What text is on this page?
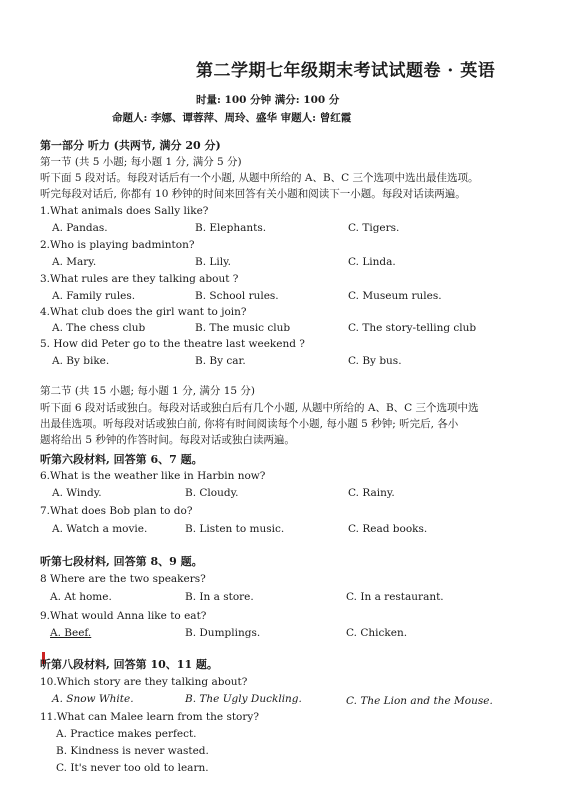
第二学期七年级期末考试试题卷 · 英语
时量: 100 分钟 满分: 100 分
命题人: 李娜、谭蓉萍、周玲、盛华 审题人: 曾红霞
第一部分 听力 (共两节, 满分 20 分)
第一节 (共 5 小题; 每小题 1 分, 满分 5 分)
听下面 5 段对话。每段对话后有一个小题, 从题中所给的 A、B、C 三个选项中选出最佳选项。
听完每段对话后, 你都有 10 秒钟的时间来回答有关小题和阅读下一小题。每段对话读两遍。
1.What animals does Sally like?
A. Pandas.	B. Elephants.	C. Tigers.
2.Who is playing badminton?
A. Mary.	B. Lily.	C. Linda.
3.What rules are they talking about ?
A. Family rules.	B. School rules.	C. Museum rules.
4.What club does the girl want to join?
A. The chess club	B. The music club	C. The story-telling club
5. How did Peter go to the theatre last weekend ?
A. By bike.	B. By car.	C. By bus.
第二节 (共 15 小题; 每小题 1 分, 满分 15 分)
听下面 6 段对话或独白。每段对话或独白后有几个小题, 从题中所给的 A、B、C 三个选项中选
出最佳选项。听每段对话或独白前, 你将有时间阅读每个小题, 每小题 5 秒钟; 听完后, 各小
题将给出 5 秒钟的作答时间。每段对话或独白读两遍。
听第六段材料, 回答第 6、7 题。
6.What is the weather like in Harbin now?
A. Windy.	B. Cloudy.	C. Rainy.
7.What does Bob plan to do?
A. Watch a movie.	B. Listen to music.	C. Read books.
听第七段材料, 回答第 8、9 题。
8 Where are the two speakers?
A. At home.	B. In a store.	C. In a restaurant.
9.What would Anna like to eat?
A. Beef.	B. Dumplings.	C. Chicken.
听第八段材料, 回答第 10、11 题。
10.Which story are they talking about?
A. Snow White.	B. The Ugly Duckling.	C. The Lion and the Mouse.
11.What can Malee learn from the story?
A. Practice makes perfect.
B. Kindness is never wasted.
C. It's never too old to learn.
